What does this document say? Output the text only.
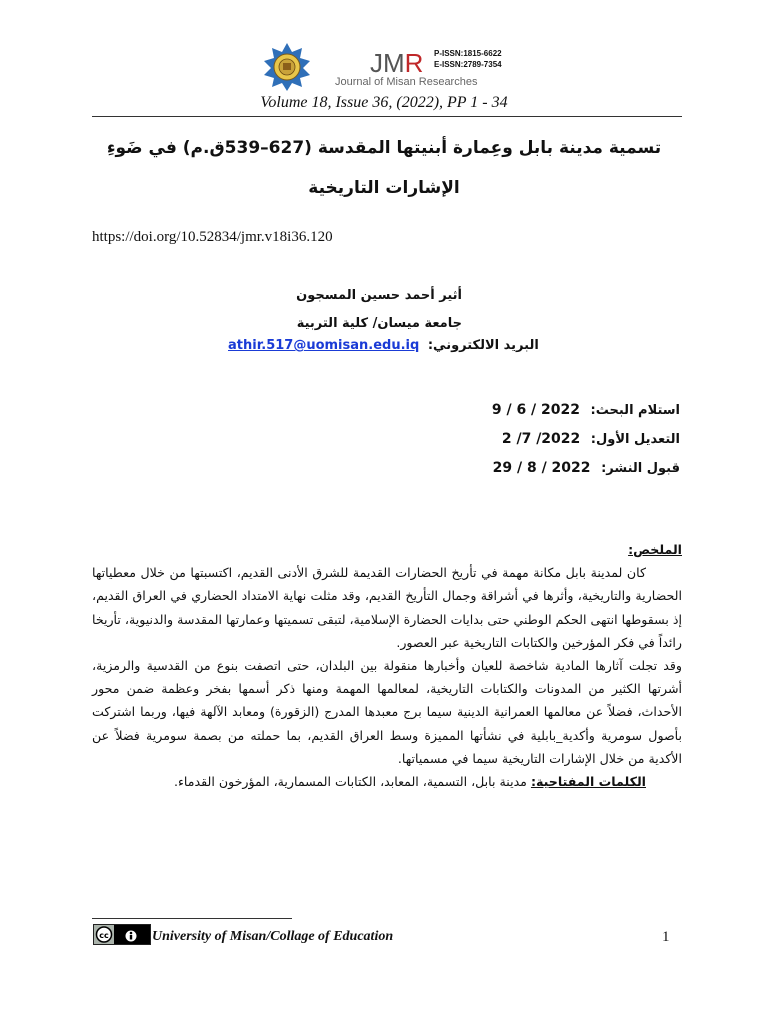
JMR
Journal of Misan Researches
P-ISSN:1815-6622
E-ISSN:2789-7354
Volume 18, Issue 36, (2022), PP 1 - 34
تسمية مدينة بابل وعِمارة أبنيتها المقدسة (627–539ق.م) في ضَوءِ
الإشارات التاريخية
https://doi.org/10.52834/jmr.v18i36.120
أثير أحمد حسين المسجون
جامعة ميسان/ كلية التربية
البريد الالكتروني: athir.517@uomisan.edu.iq
استلام البحث: 9 / 6 / 2022
التعديل الأول: 2 /7 /2022
قبول النشر: 29 / 8 / 2022
الملخص:

كان لمدينة بابل مكانة مهمة في تأريخ الحضارات القديمة للشرق الأدنى القديم، اكتسبتها من خلال معطياتها الحضارية والتاريخية، وأثرها في أشراقة وجمال التأريخ القديم، وقد مثلت نهاية الامتداد الحضاري في العراق القديم، إذ بسقوطها انتهى الحكم الوطني حتى بدايات الحضارة الإسلامية، لتبقى تسميتها وعمارتها المقدسة والدنيوية، تأريخا رائداً في فكر المؤرخين والكتابات التاريخية عبر العصور.

وقد تجلت آثارها المادية شاخصة للعيان وأخبارها منقولة بين البلدان، حتى اتصفت بنوع من القدسية والرمزية، أشرتها الكثير من المدونات والكتابات التاريخية، لمعالمها المهمة ومنها ذكر أسمها بفخر وعظمة ضمن محور الأحداث، فضلاً عن معالمها العمرانية الدينية سيما برج معبدها المدرج (الزقورة) ومعابد الآلهة فيها، وربما اشتركت بأصول سومرية وأكدية_بابلية في نشأتها المميزة وسط العراق القديم، بما حملته من بصمة سومرية فضلاً عن الأكدية من خلال الإشارات التاريخية سيما في مسمياتها.

الكلمات المفتاحية: مدينة بابل، التسمية، المعابد، الكتابات المسمارية، المؤرخون القدماء.

cc	University of Misan/Collage of Education	1
